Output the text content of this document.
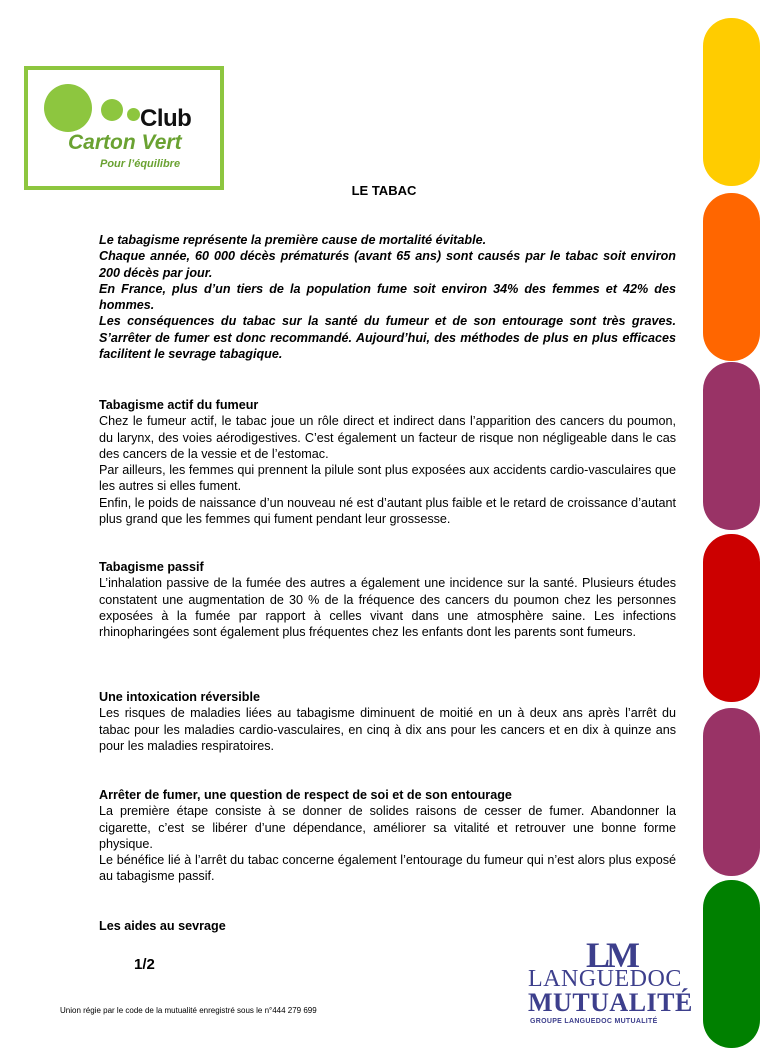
Club
Carton Vert
Pour l’équilibre
LE TABAC

Le tabagisme représente la première cause de mortalité évitable.

Chaque année, 60 000 décès prématurés (avant 65 ans) sont causés par le tabac soit environ 200 décès par jour.

En France, plus d’un tiers de la population fume soit environ 34% des femmes et 42% des hommes.

Les conséquences du tabac sur la santé du fumeur et de son entourage sont très graves. S’arrêter de fumer est donc recommandé. Aujourd’hui, des méthodes de plus en plus efficaces facilitent le sevrage tabagique.

Tabagisme actif du fumeur

Chez le fumeur actif, le tabac joue un rôle direct et indirect dans l’apparition des cancers du poumon, du larynx, des voies aérodigestives. C’est également un facteur de risque non négligeable dans le cas des cancers de la vessie et de l’estomac.

Par ailleurs, les femmes qui prennent la pilule sont plus exposées aux accidents cardio-vasculaires que les autres si elles fument.

Enfin, le poids de naissance d’un nouveau né est d’autant plus faible et le retard de croissance d’autant plus grand que les femmes qui fument pendant leur grossesse.

Tabagisme passif

L’inhalation passive de la fumée des autres a également une incidence sur la santé. Plusieurs études constatent une augmentation de 30 % de la fréquence des cancers du poumon chez les personnes exposées à la fumée par rapport à celles vivant dans une atmosphère saine. Les infections rhinopharingées sont également plus fréquentes chez les enfants dont les parents sont fumeurs.

Une intoxication réversible

Les risques de maladies liées au tabagisme diminuent de moitié en un à deux ans après l’arrêt du tabac pour les maladies cardio-vasculaires, en cinq à dix ans pour les cancers et en dix à quinze ans pour les maladies respiratoires.

Arrêter de fumer, une question de respect de soi et de son entourage

La première étape consiste à se donner de solides raisons de cesser de fumer. Abandonner la cigarette, c’est se libérer d’une dépendance, améliorer sa vitalité et retrouver une bonne forme physique.

Le bénéfice lié à l’arrêt du tabac concerne également l’entourage du fumeur qui n’est alors plus exposé au tabagisme passif.

Les aides au sevrage
1/2
Union régie par le code de la mutualité enregistré sous le n°444 279 699
LM
LANGUEDOC
MUTUALITÉ
GROUPE LANGUEDOC MUTUALITÉ
